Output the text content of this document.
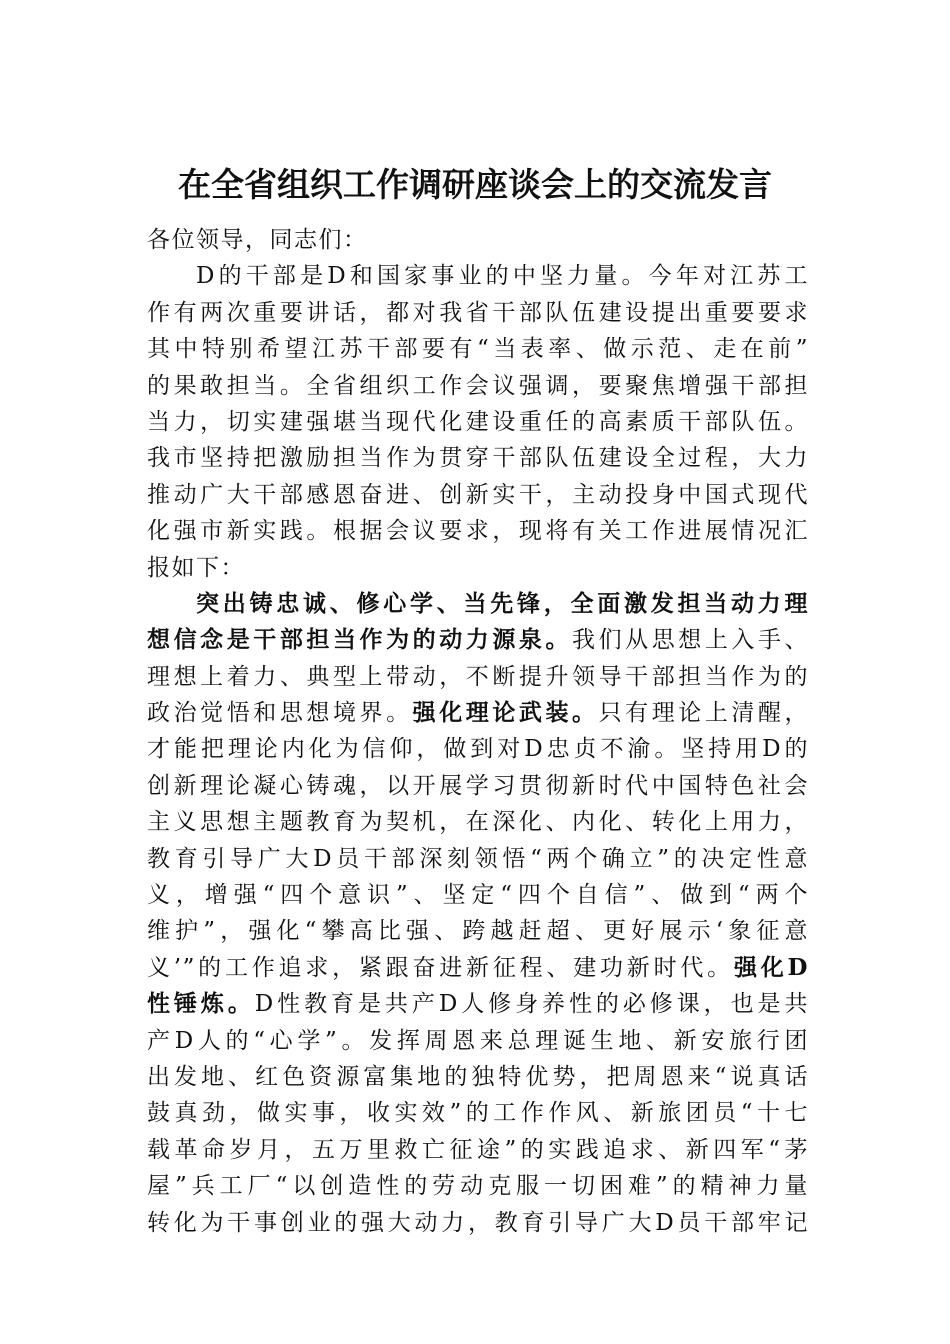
在全省组织工作调研座谈会上的交流发言
各位领导，同志们：
D的干部是D和国家事业的中坚力量。今年对江苏工
作有两次重要讲话，都对我省干部队伍建设提出重要要求
其中特别希望江苏干部要有“当表率、做示范、走在前”
的果敢担当。全省组织工作会议强调，要聚焦增强干部担
当力，切实建强堪当现代化建设重任的高素质干部队伍。
我市坚持把激励担当作为贯穿干部队伍建设全过程，大力
推动广大干部感恩奋进、创新实干，主动投身中国式现代
化强市新实践。根据会议要求，现将有关工作进展情况汇
报如下：
突出铸忠诚、修心学、当先锋，全面激发担当动力理
想信念是干部担当作为的动力源泉。我们从思想上入手、
理想上着力、典型上带动，不断提升领导干部担当作为的
政治觉悟和思想境界。强化理论武装。只有理论上清醒，
才能把理论内化为信仰，做到对D忠贞不渝。坚持用D的
创新理论凝心铸魂，以开展学习贯彻新时代中国特色社会
主义思想主题教育为契机，在深化、内化、转化上用力，
教育引导广大D员干部深刻领悟“两个确立”的决定性意
义，增强“四个意识”、坚定“四个自信”、做到“两个
维护”，强化“攀高比强、跨越赶超、更好展示‘象征意
义’”的工作追求，紧跟奋进新征程、建功新时代。强化D
性锤炼。D性教育是共产D人修身养性的必修课，也是共
产D人的“心学”。发挥周恩来总理诞生地、新安旅行团
出发地、红色资源富集地的独特优势，把周恩来“说真话
鼓真劲，做实事，收实效”的工作作风、新旅团员“十七
载革命岁月，五万里救亡征途”的实践追求、新四军“茅
屋”兵工厂“以创造性的劳动克服一切困难”的精神力量
转化为干事创业的强大动力，教育引导广大D员干部牢记
